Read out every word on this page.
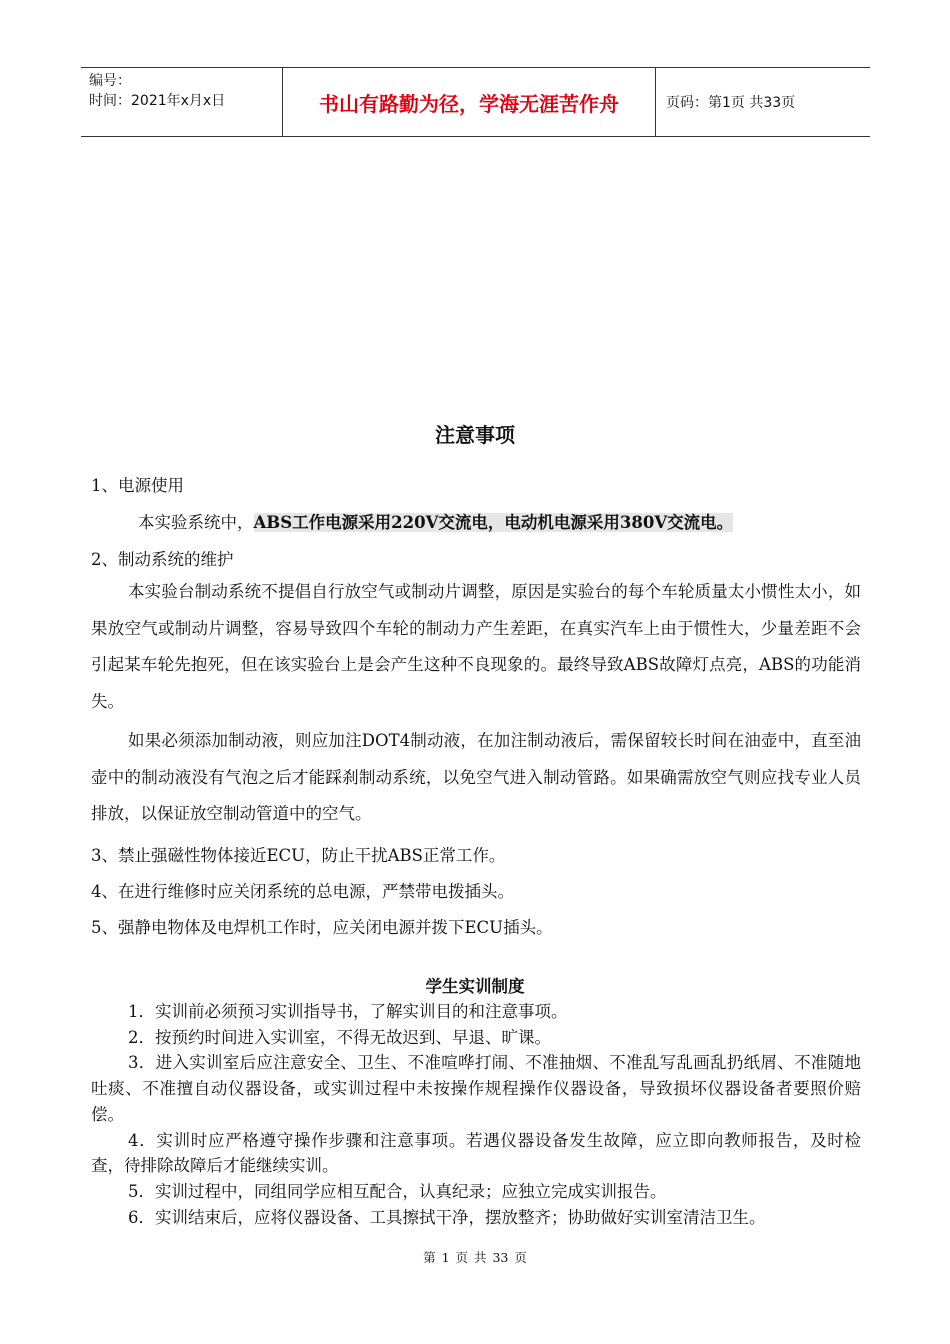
编号：
时间：2021年x月x日	书山有路勤为径，学海无涯苦作舟	页码：第1页 共33页
注意事项
1、电源使用
本实验系统中，ABS工作电源采用220V交流电，电动机电源采用380V交流电。
2、制动系统的维护
本实验台制动系统不提倡自行放空气或制动片调整，原因是实验台的每个车轮质量太小惯性太小，如果放空气或制动片调整，容易导致四个车轮的制动力产生差距，在真实汽车上由于惯性大，少量差距不会引起某车轮先抱死，但在该实验台上是会产生这种不良现象的。最终导致ABS故障灯点亮，ABS的功能消失。
如果必须添加制动液，则应加注DOT4制动液，在加注制动液后，需保留较长时间在油壶中，直至油壶中的制动液没有气泡之后才能踩刹制动系统，以免空气进入制动管路。如果确需放空气则应找专业人员排放，以保证放空制动管道中的空气。
3、禁止强磁性物体接近ECU，防止干扰ABS正常工作。
4、在进行维修时应关闭系统的总电源，严禁带电拨插头。
5、强静电物体及电焊机工作时，应关闭电源并拨下ECU插头。
学生实训制度

1．实训前必须预习实训指导书，了解实训目的和注意事项。

2．按预约时间进入实训室，不得无故迟到、早退、旷课。

3．进入实训室后应注意安全、卫生、不准喧哗打闹、不准抽烟、不准乱写乱画乱扔纸屑、不准随地吐痰、不准擅自动仪器设备，或实训过程中未按操作规程操作仪器设备，导致损坏仪器设备者要照价赔偿。

4．实训时应严格遵守操作步骤和注意事项。若遇仪器设备发生故障，应立即向教师报告，及时检查，待排除故障后才能继续实训。

5．实训过程中，同组同学应相互配合，认真纪录；应独立完成实训报告。

6．实训结束后，应将仪器设备、工具擦拭干净，摆放整齐；协助做好实训室清洁卫生。

第 1 页 共 33 页
